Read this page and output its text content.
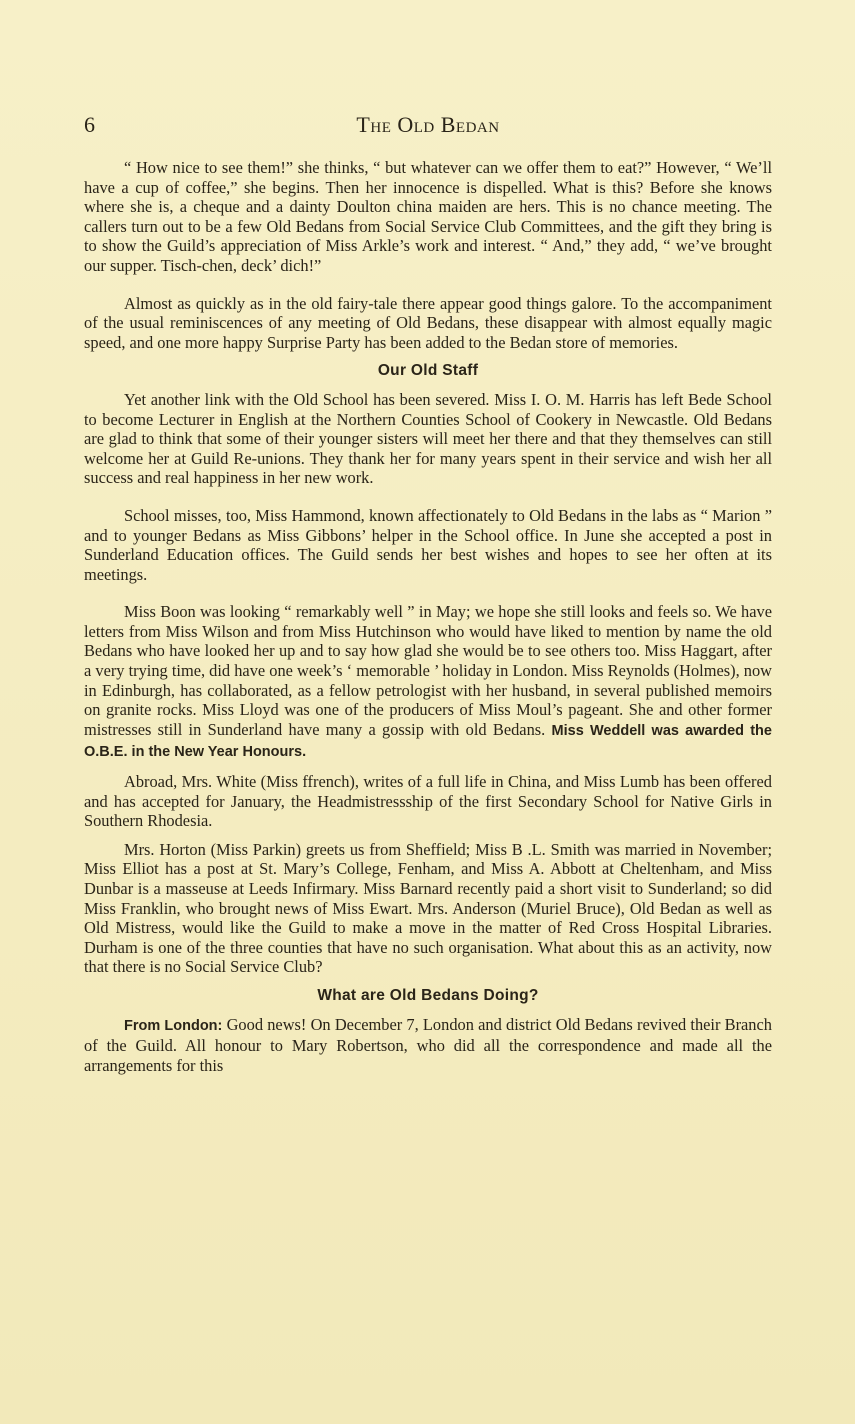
6	The Old Bedan

“ How nice to see them!” she thinks, “ but whatever can we offer them to eat?” However, “ We’ll have a cup of coffee,” she begins. Then her innocence is dispelled. What is this? Before she knows where she is, a cheque and a dainty Doulton china maiden are hers. This is no chance meeting. The callers turn out to be a few Old Bedans from Social Service Club Committees, and the gift they bring is to show the Guild’s appreciation of Miss Arkle’s work and interest. “ And,” they add, “ we’ve brought our supper. Tisch-chen, deck’ dich!”

Almost as quickly as in the old fairy-tale there appear good things galore. To the accompaniment of the usual reminiscences of any meeting of Old Bedans, these disappear with almost equally magic speed, and one more happy Surprise Party has been added to the Bedan store of memories.

Our Old Staff

Yet another link with the Old School has been severed. Miss I. O. M. Harris has left Bede School to become Lecturer in English at the Northern Counties School of Cookery in Newcastle. Old Bedans are glad to think that some of their younger sisters will meet her there and that they themselves can still welcome her at Guild Re-unions. They thank her for many years spent in their service and wish her all success and real happiness in her new work.

School misses, too, Miss Hammond, known affectionately to Old Bedans in the labs as “ Marion ” and to younger Bedans as Miss Gibbons’ helper in the School office. In June she accepted a post in Sunderland Education offices. The Guild sends her best wishes and hopes to see her often at its meetings.

Miss Boon was looking “ remarkably well ” in May; we hope she still looks and feels so. We have letters from Miss Wilson and from Miss Hutchinson who would have liked to mention by name the old Bedans who have looked her up and to say how glad she would be to see others too. Miss Haggart, after a very trying time, did have one week’s ‘ memorable ’ holiday in London. Miss Reynolds (Holmes), now in Edinburgh, has collaborated, as a fellow petrologist with her husband, in several published memoirs on granite rocks. Miss Lloyd was one of the producers of Miss Moul’s pageant. She and other former mistresses still in Sunderland have many a gossip with old Bedans. Miss Weddell was awarded the O.B.E. in the New Year Honours.

Abroad, Mrs. White (Miss ffrench), writes of a full life in China, and Miss Lumb has been offered and has accepted for January, the Headmistressship of the first Secondary School for Native Girls in Southern Rhodesia.

Mrs. Horton (Miss Parkin) greets us from Sheffield; Miss B .L. Smith was married in November; Miss Elliot has a post at St. Mary’s College, Fenham, and Miss A. Abbott at Cheltenham, and Miss Dunbar is a masseuse at Leeds Infirmary. Miss Barnard recently paid a short visit to Sunderland; so did Miss Franklin, who brought news of Miss Ewart. Mrs. Anderson (Muriel Bruce), Old Bedan as well as Old Mistress, would like the Guild to make a move in the matter of Red Cross Hospital Libraries. Durham is one of the three counties that have no such organisation. What about this as an activity, now that there is no Social Service Club?

What are Old Bedans Doing?

From London: Good news! On December 7, London and district Old Bedans revived their Branch of the Guild. All honour to Mary Robertson, who did all the correspondence and made all the arrangements for this
